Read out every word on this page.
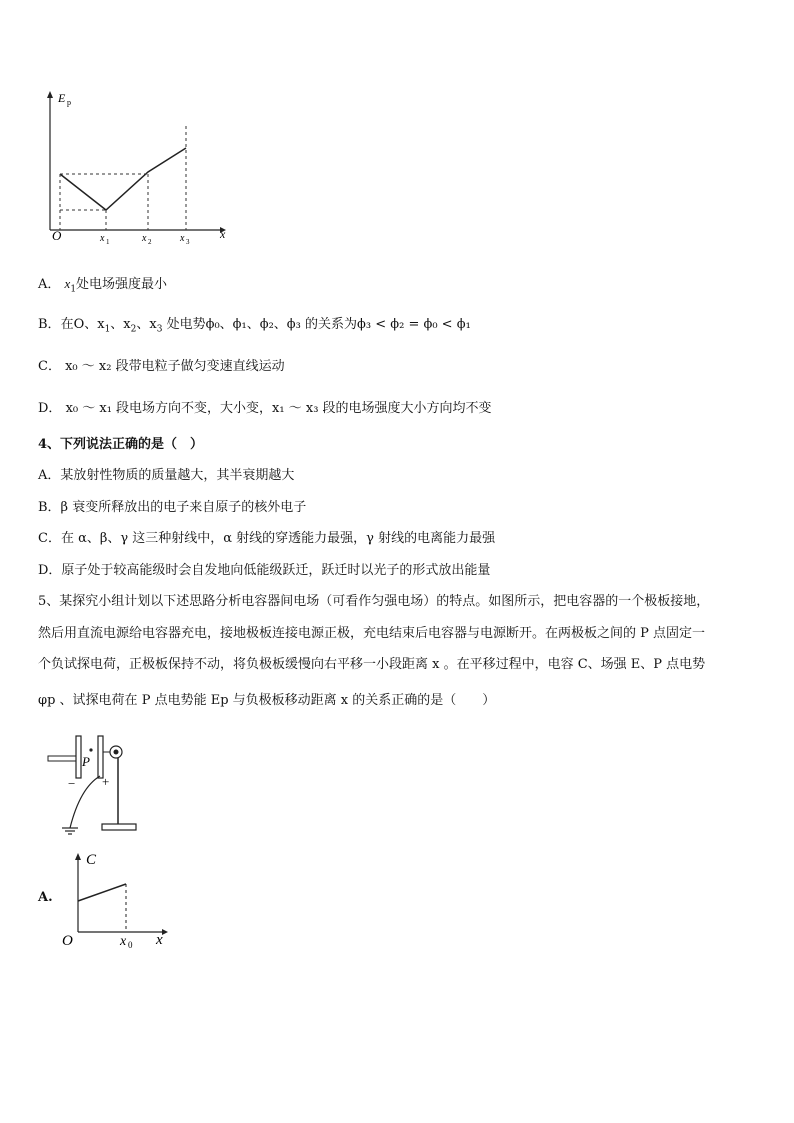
E p
x
O	x 1	x 2	x 3
A． $x_1$处电场强度最小
B．在O、$x_1$、$x_2$、$x_3$ 处电势ϕ₀、ϕ₁、ϕ₂、ϕ₃ 的关系为ϕ₃ < ϕ₂ = ϕ₀ < ϕ₁
C． x₀ ～ x₂ 段带电粒子做匀变速直线运动
D． x₀ ～ x₁ 段电场方向不变，大小变，x₁ ～ x₃ 段的电场强度大小方向均不变
4、下列说法正确的是（　）
A．某放射性物质的质量越大，其半衰期越大
B．β 衰变所释放出的电子来自原子的核外电子
C．在 α、β、γ 这三种射线中，α 射线的穿透能力最强，γ 射线的电离能力最强
D．原子处于较高能级时会自发地向低能级跃迁，跃迁时以光子的形式放出能量
5、某探究小组计划以下述思路分析电容器间电场（可看作匀强电场）的特点。如图所示，把电容器的一个极板接地，
然后用直流电源给电容器充电，接地极板连接电源正极，充电结束后电容器与电源断开。在两极板之间的 P 点固定一
个负试探电荷，正极板保持不动，将负极板缓慢向右平移一小段距离 x 。在平移过程中，电容 C、场强 E、P 点电势
φp 、试探电荷在 P 点电势能 Ep 与负极板移动距离 x 的关系正确的是（　　）
P
− +
A.
C
x
O	x 0
